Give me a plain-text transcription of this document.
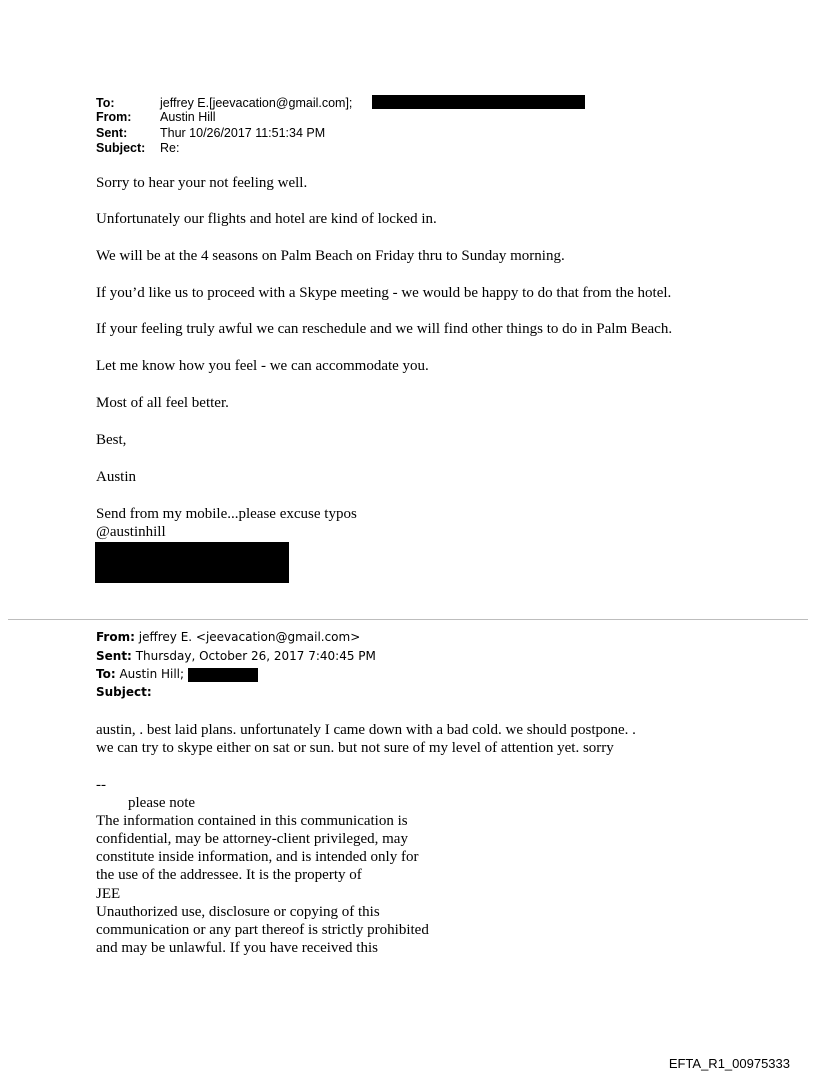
To:	jeffrey E.[jeevacation@gmail.com];
From: Austin Hill
Sent:	Thur 10/26/2017 11:51:34 PM
Subject: Re:
Sorry to hear your not feeling well.
Unfortunately our flights and hotel are kind of locked in.
We will be at the 4 seasons on Palm Beach on Friday thru to Sunday morning.
If you’d like us to proceed with a Skype meeting - we would be happy to do that from the hotel.
If your feeling truly awful we can reschedule and we will find other things to do in Palm Beach.
Let me know how you feel - we can accommodate you.
Most of all feel better.
Best,
Austin
Send from my mobile...please excuse typos
@austinhill
From: jeffrey E. <jeevacation@gmail.com>
Sent: Thursday, October 26, 2017 7:40:45 PM
To: Austin Hill;
Subject:
austin, . best laid plans. unfortunately I came down with a bad cold. we should postpone. .
we can try to skype either on sat or sun. but not sure of my level of attention yet. sorry
--
please note
The information contained in this communication is
confidential, may be attorney-client privileged, may
constitute inside information, and is intended only for
the use of the addressee. It is the property of
JEE
Unauthorized use, disclosure or copying of this
communication or any part thereof is strictly prohibited
and may be unlawful. If you have received this
EFTA_R1_00975333
